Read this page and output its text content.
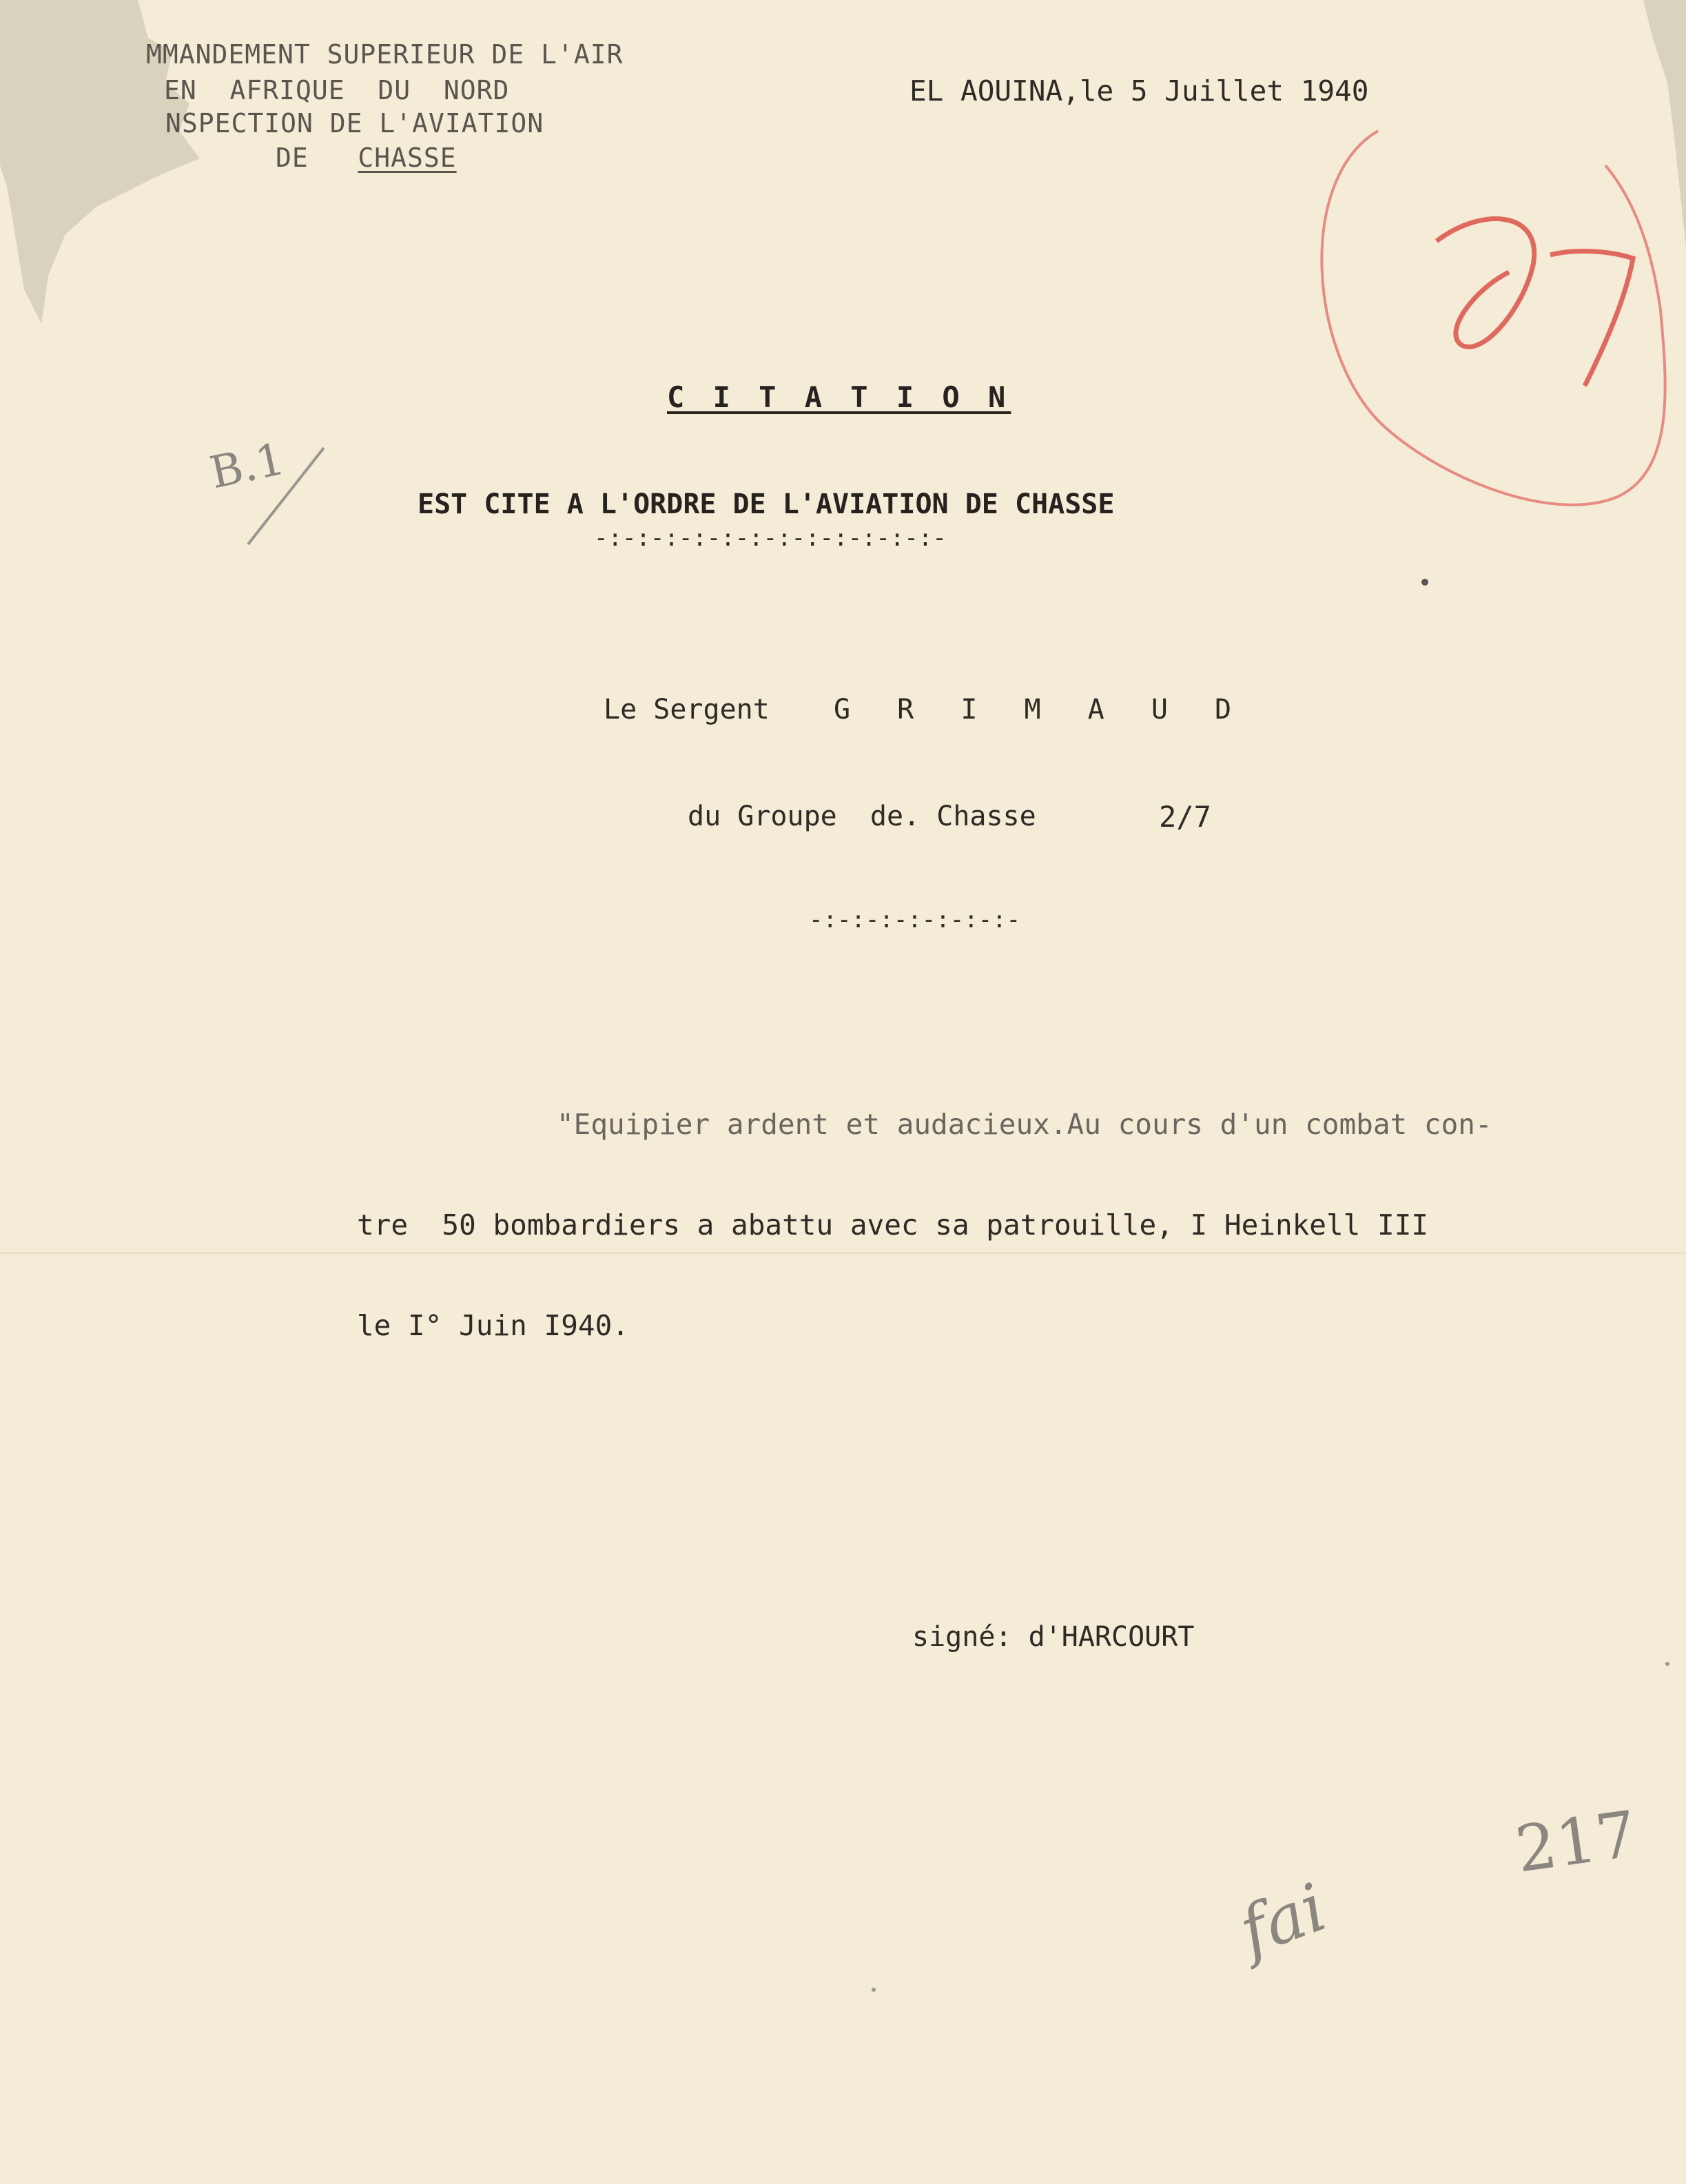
MMANDEMENT SUPERIEUR DE L'AIR
EN  AFRIQUE  DU  NORD
NSPECTION DE L'AVIATION
DE   CHASSE
EL AOUINA,le 5 Juillet 1940
C I T A T I O N
EST CITE A L'ORDRE DE L'AVIATION DE CHASSE
-:-:-:-:-:-:-:-:-:-:-:-:-
Le Sergent G R I M A U D
du Groupe  de. Chasse	2/7
-:-:-:-:-:-:-:-
"Equipier ardent et audacieux.Au cours d'un combat con-
tre  50 bombardiers a abattu avec sa patrouille, I Heinkell III
le I° Juin I940.
signé: d'HARCOURT
B.1
fai
217
